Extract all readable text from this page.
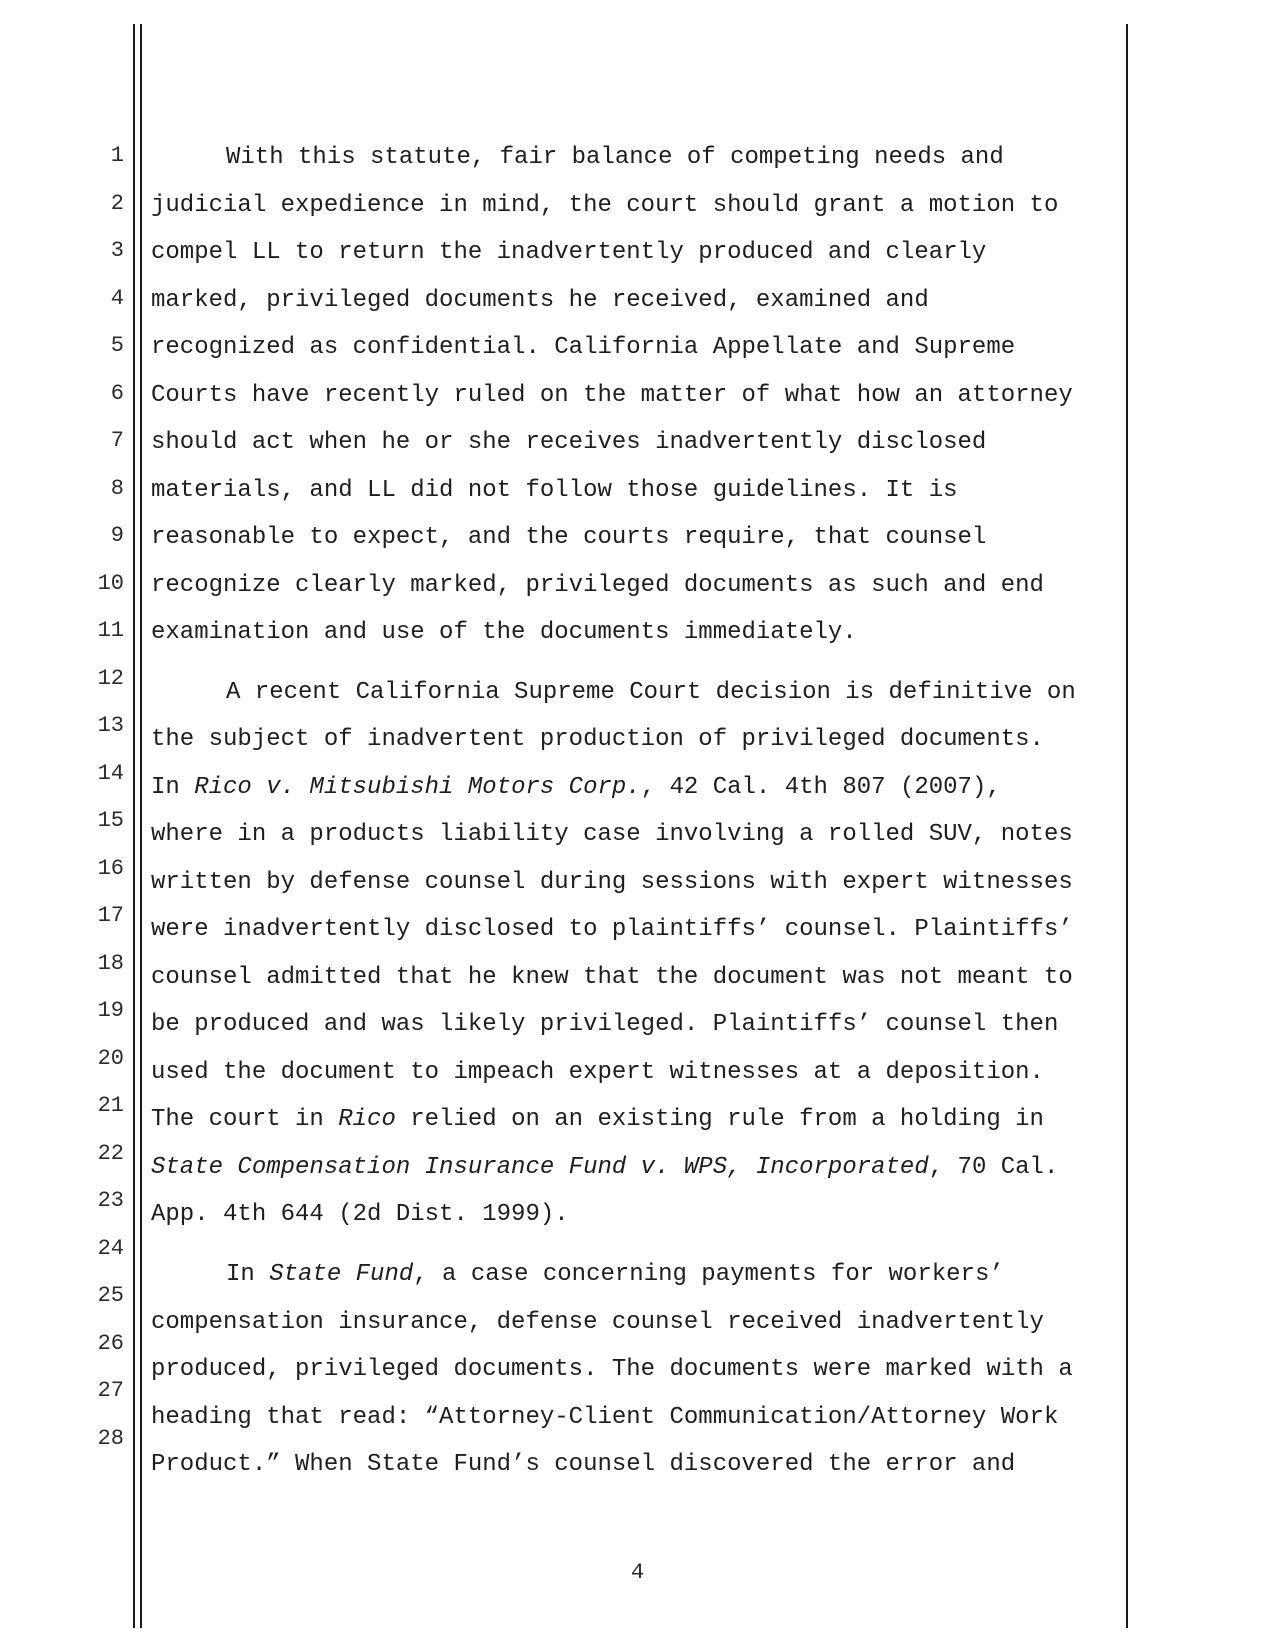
1

2

3

4

5

6

7

8

9

10

11

12

13

14

15

16

17

18

19

20

21

22

23

24

25

26

27

28

With this statute, fair balance of competing needs and

judicial expedience in mind, the court should grant a motion to

compel LL to return the inadvertently produced and clearly

marked, privileged documents he received, examined and

recognized as confidential. California Appellate and Supreme

Courts have recently ruled on the matter of what how an attorney

should act when he or she receives inadvertently disclosed

materials, and LL did not follow those guidelines. It is

reasonable to expect, and the courts require, that counsel

recognize clearly marked, privileged documents as such and end

examination and use of the documents immediately.

A recent California Supreme Court decision is definitive on

the subject of inadvertent production of privileged documents.

In Rico v. Mitsubishi Motors Corp., 42 Cal. 4th 807 (2007),

where in a products liability case involving a rolled SUV, notes

written by defense counsel during sessions with expert witnesses

were inadvertently disclosed to plaintiffs’ counsel. Plaintiffs’

counsel admitted that he knew that the document was not meant to

be produced and was likely privileged. Plaintiffs’ counsel then

used the document to impeach expert witnesses at a deposition.

The court in Rico relied on an existing rule from a holding in

State Compensation Insurance Fund v. WPS, Incorporated, 70 Cal.

App. 4th 644 (2d Dist. 1999).

In State Fund, a case concerning payments for workers’

compensation insurance, defense counsel received inadvertently

produced, privileged documents. The documents were marked with a

heading that read: “Attorney-Client Communication/Attorney Work

Product.” When State Fund’s counsel discovered the error and

4
